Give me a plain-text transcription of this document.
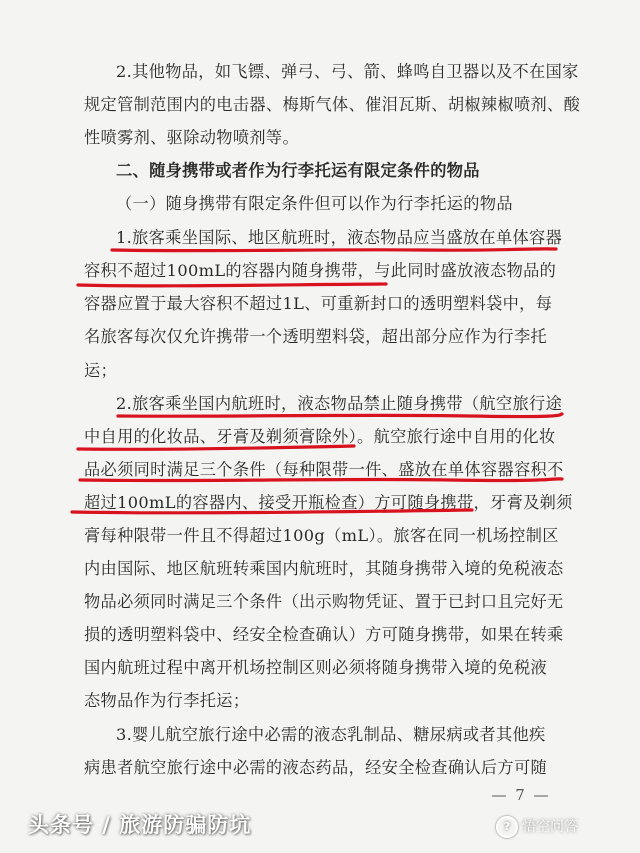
2.其他物品，如飞镖、弹弓、弓、箭、蜂鸣自卫器以及不在国家
规定管制范围内的电击器、梅斯气体、催泪瓦斯、胡椒辣椒喷剂、酸
性喷雾剂、驱除动物喷剂等。
二、随身携带或者作为行李托运有限定条件的物品
（一）随身携带有限定条件但可以作为行李托运的物品
1.旅客乘坐国际、地区航班时，液态物品应当盛放在单体容器
容积不超过100mL的容器内随身携带，与此同时盛放液态物品的
容器应置于最大容积不超过1L、可重新封口的透明塑料袋中，每
名旅客每次仅允许携带一个透明塑料袋，超出部分应作为行李托
运；
2.旅客乘坐国内航班时，液态物品禁止随身携带（航空旅行途
中自用的化妆品、牙膏及剃须膏除外）。航空旅行途中自用的化妆
品必须同时满足三个条件（每种限带一件、盛放在单体容器容积不
超过100mL的容器内、接受开瓶检查）方可随身携带，牙膏及剃须
膏每种限带一件且不得超过100g（mL）。旅客在同一机场控制区
内由国际、地区航班转乘国内航班时，其随身携带入境的免税液态
物品必须同时满足三个条件（出示购物凭证、置于已封口且完好无
损的透明塑料袋中、经安全检查确认）方可随身携带，如果在转乘
国内航班过程中离开机场控制区则必须将随身携带入境的免税液
态物品作为行李托运；
3.婴儿航空旅行途中必需的液态乳制品、糖尿病或者其他疾
病患者航空旅行途中必需的液态药品，经安全检查确认后方可随
— 7 —
头条号 / 旅游防骗防坑	? 悟空问答
